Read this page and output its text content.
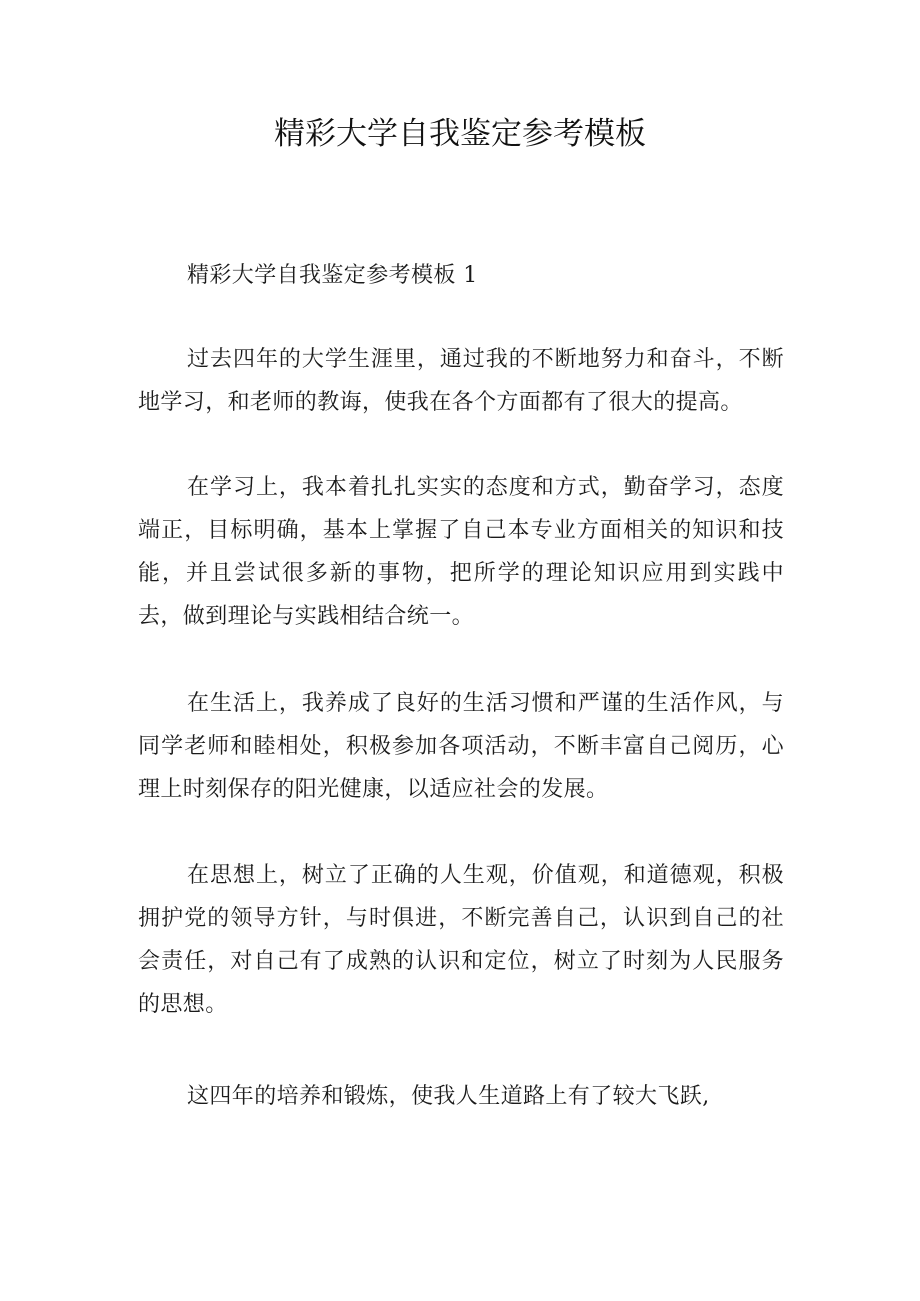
精彩大学自我鉴定参考模板

精彩大学自我鉴定参考模板 1

过去四年的大学生涯里，通过我的不断地努力和奋斗，不断地学习，和老师的教诲，使我在各个方面都有了很大的提高。

在学习上，我本着扎扎实实的态度和方式，勤奋学习，态度端正，目标明确，基本上掌握了自己本专业方面相关的知识和技能，并且尝试很多新的事物，把所学的理论知识应用到实践中去，做到理论与实践相结合统一。

在生活上，我养成了良好的生活习惯和严谨的生活作风，与同学老师和睦相处，积极参加各项活动，不断丰富自己阅历，心理上时刻保存的阳光健康，以适应社会的发展。

在思想上，树立了正确的人生观，价值观，和道德观，积极拥护党的领导方针，与时俱进，不断完善自己，认识到自己的社会责任，对自己有了成熟的认识和定位，树立了时刻为人民服务的思想。

这四年的培养和锻炼，使我人生道路上有了较大飞跃,
